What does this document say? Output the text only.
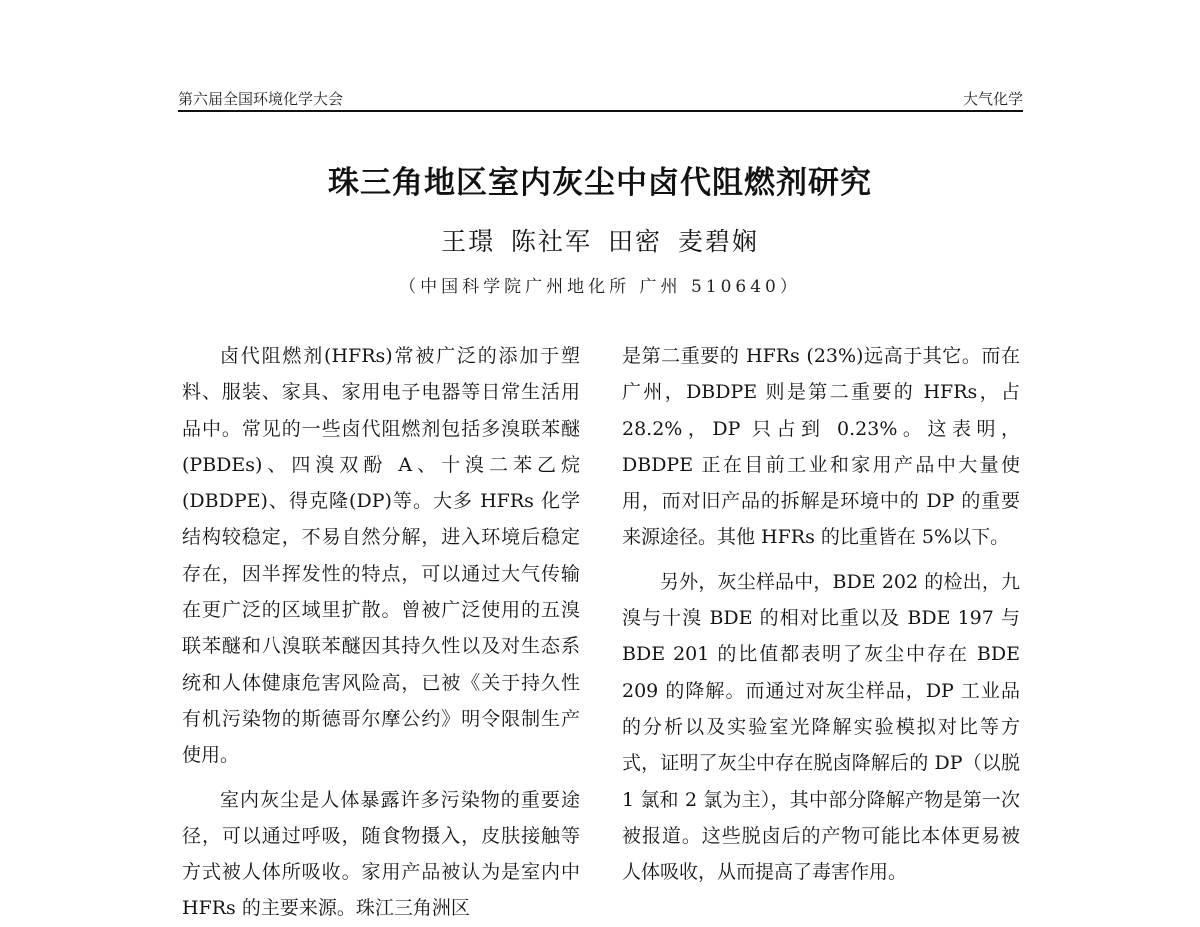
第六届全国环境化学大会	大气化学
珠三角地区室内灰尘中卤代阻燃剂研究
王璟 陈社军 田密 麦碧娴
（中国科学院广州地化所 广州 510640）

卤代阻燃剂(HFRs)常被广泛的添加于塑料、服装、家具、家用电子电器等日常生活用品中。常见的一些卤代阻燃剂包括多溴联苯醚(PBDEs)、四溴双酚 A、十溴二苯乙烷(DBDPE)、得克隆(DP)等。大多 HFRs 化学结构较稳定，不易自然分解，进入环境后稳定存在，因半挥发性的特点，可以通过大气传输在更广泛的区域里扩散。曾被广泛使用的五溴联苯醚和八溴联苯醚因其持久性以及对生态系统和人体健康危害风险高，已被《关于持久性有机污染物的斯德哥尔摩公约》明令限制生产使用。

室内灰尘是人体暴露许多污染物的重要途径，可以通过呼吸，随食物摄入，皮肤接触等方式被人体所吸收。家用产品被认为是室内中 HFRs 的主要来源。珠江三角洲区

是第二重要的 HFRs (23%)远高于其它。而在广州，DBDPE 则是第二重要的 HFRs，占28.2%，DP 只占到 0.23%。这表明，DBDPE 正在目前工业和家用产品中大量使用，而对旧产品的拆解是环境中的 DP 的重要来源途径。其他 HFRs 的比重皆在 5%以下。

另外，灰尘样品中，BDE 202 的检出，九溴与十溴 BDE 的相对比重以及 BDE 197 与 BDE 201 的比值都表明了灰尘中存在 BDE 209 的降解。而通过对灰尘样品，DP 工业品的分析以及实验室光降解实验模拟对比等方式，证明了灰尘中存在脱卤降解后的 DP（以脱 1 氯和 2 氯为主），其中部分降解产物是第一次被报道。这些脱卤后的产物可能比本体更易被人体吸收，从而提高了毒害作用。
